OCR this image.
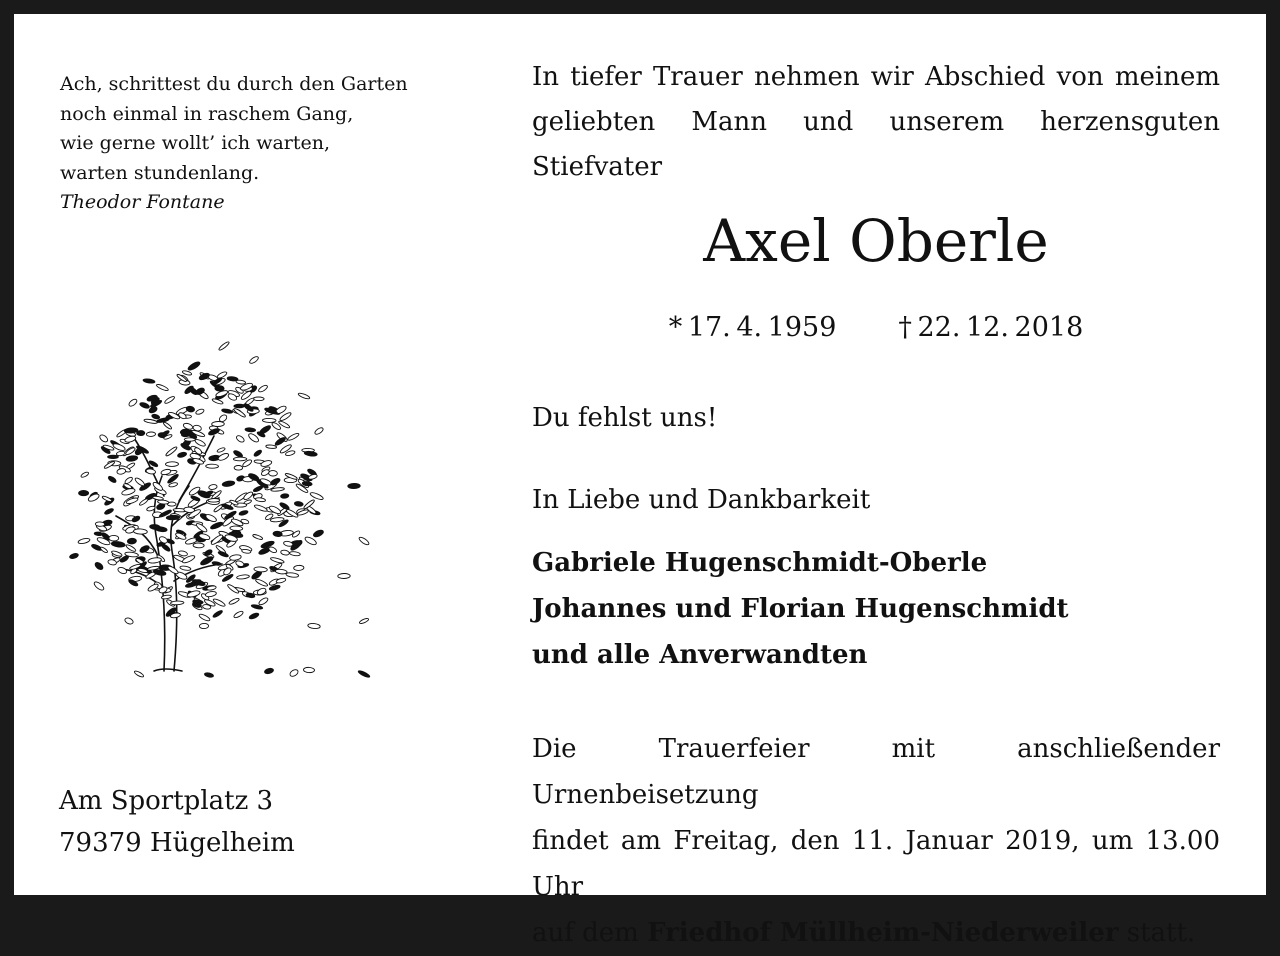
Ach, schrittest du durch den Garten
noch einmal in raschem Gang,
wie gerne wollt’ ich warten,
warten stundenlang.
Theodor Fontane
Am Sportplatz 3
79379 Hügelheim
In tiefer Trauer nehmen wir Abschied von meinem
geliebten Mann und unserem herzensguten Stiefvater
Axel Oberle
* 17. 4. 1959 † 22. 12. 2018
Du fehlst uns!
In Liebe und Dankbarkeit
Gabriele Hugenschmidt-Oberle
Johannes und Florian Hugenschmidt
und alle Anverwandten
Die Trauerfeier mit anschließender Urnenbeisetzung
findet am Freitag, den 11. Januar 2019, um 13.00 Uhr
auf dem Friedhof Müllheim-Niederweiler statt.
